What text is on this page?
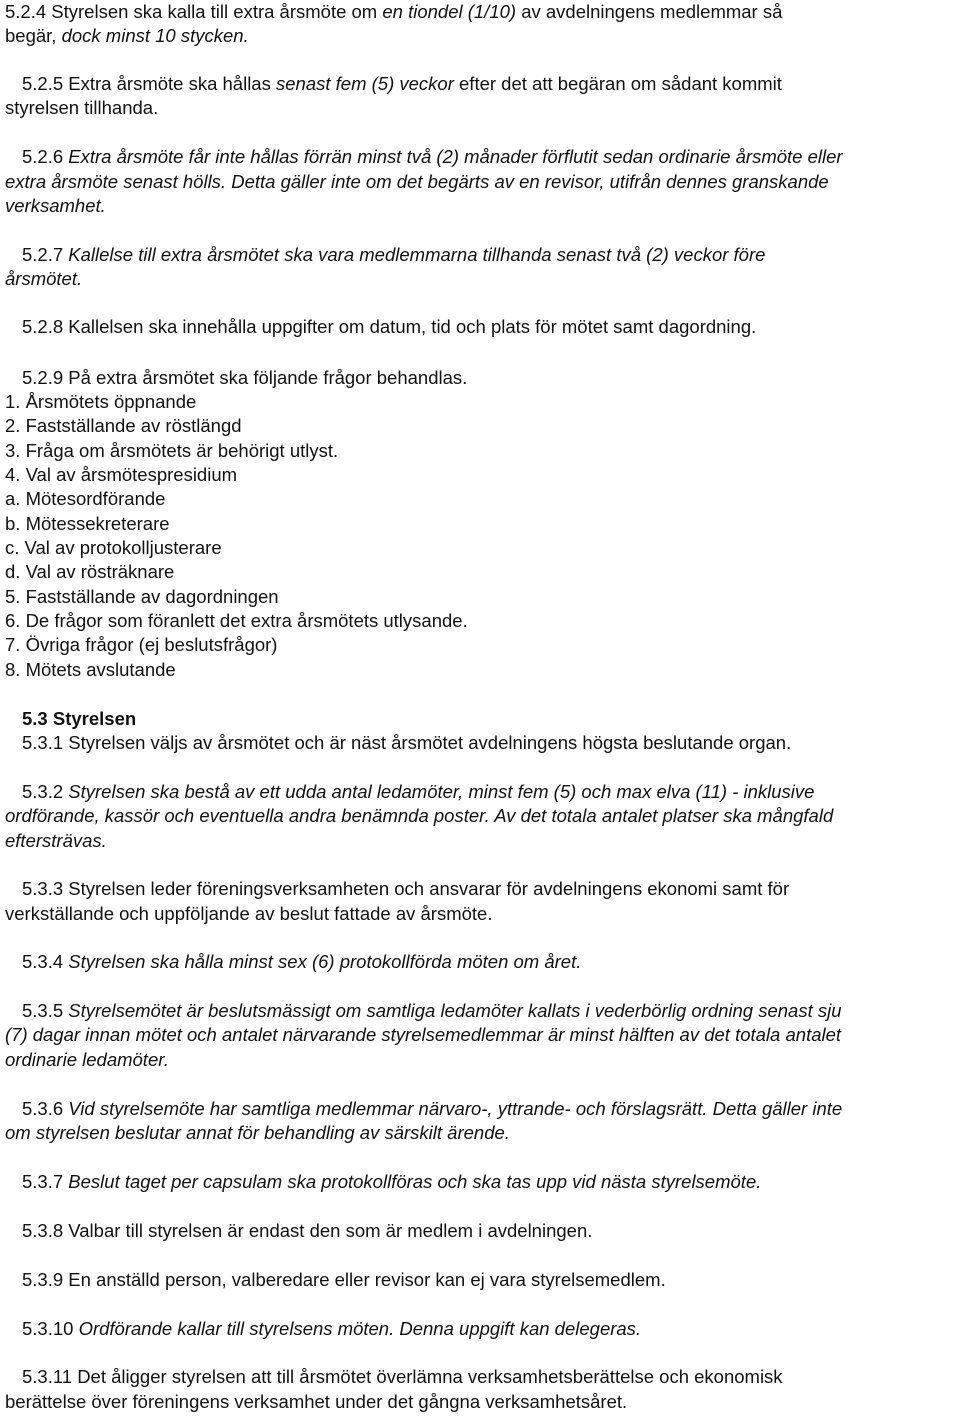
5.2.4 Styrelsen ska kalla till extra årsmöte om en tiondel (1/10) av avdelningens medlemmar så
begär, dock minst 10 stycken.
5.2.5 Extra årsmöte ska hållas senast fem (5) veckor efter det att begäran om sådant kommit
styrelsen tillhanda.
5.2.6 Extra årsmöte får inte hållas förrän minst två (2) månader förflutit sedan ordinarie årsmöte eller
extra årsmöte senast hölls. Detta gäller inte om det begärts av en revisor, utifrån dennes granskande
verksamhet.
5.2.7 Kallelse till extra årsmötet ska vara medlemmarna tillhanda senast två (2) veckor före
årsmötet.
5.2.8 Kallelsen ska innehålla uppgifter om datum, tid och plats för mötet samt dagordning.
5.2.9 På extra årsmötet ska följande frågor behandlas.
1. Årsmötets öppnande
2. Fastställande av röstlängd
3. Fråga om årsmötets är behörigt utlyst.
4. Val av årsmötespresidium
a. Mötesordförande
b. Mötessekreterare
c. Val av protokolljusterare
d. Val av rösträknare
5. Fastställande av dagordningen
6. De frågor som föranlett det extra årsmötets utlysande.
7. Övriga frågor (ej beslutsfrågor)
8. Mötets avslutande
5.3 Styrelsen
5.3.1 Styrelsen väljs av årsmötet och är näst årsmötet avdelningens högsta beslutande organ.
5.3.2 Styrelsen ska bestå av ett udda antal ledamöter, minst fem (5) och max elva (11) - inklusive
ordförande, kassör och eventuella andra benämnda poster. Av det totala antalet platser ska mångfald
eftersträvas.
5.3.3 Styrelsen leder föreningsverksamheten och ansvarar för avdelningens ekonomi samt för
verkställande och uppföljande av beslut fattade av årsmöte.
5.3.4 Styrelsen ska hålla minst sex (6) protokollförda möten om året.
5.3.5 Styrelsemötet är beslutsmässigt om samtliga ledamöter kallats i vederbörlig ordning senast sju
(7) dagar innan mötet och antalet närvarande styrelsemedlemmar är minst hälften av det totala antalet
ordinarie ledamöter.
5.3.6 Vid styrelsemöte har samtliga medlemmar närvaro-, yttrande- och förslagsrätt. Detta gäller inte
om styrelsen beslutar annat för behandling av särskilt ärende.
5.3.7 Beslut taget per capsulam ska protokollföras och ska tas upp vid nästa styrelsemöte.
5.3.8 Valbar till styrelsen är endast den som är medlem i avdelningen.
5.3.9 En anställd person, valberedare eller revisor kan ej vara styrelsemedlem.
5.3.10 Ordförande kallar till styrelsens möten. Denna uppgift kan delegeras.
5.3.11 Det åligger styrelsen att till årsmötet överlämna verksamhetsberättelse och ekonomisk
berättelse över föreningens verksamhet under det gångna verksamhetsåret.
